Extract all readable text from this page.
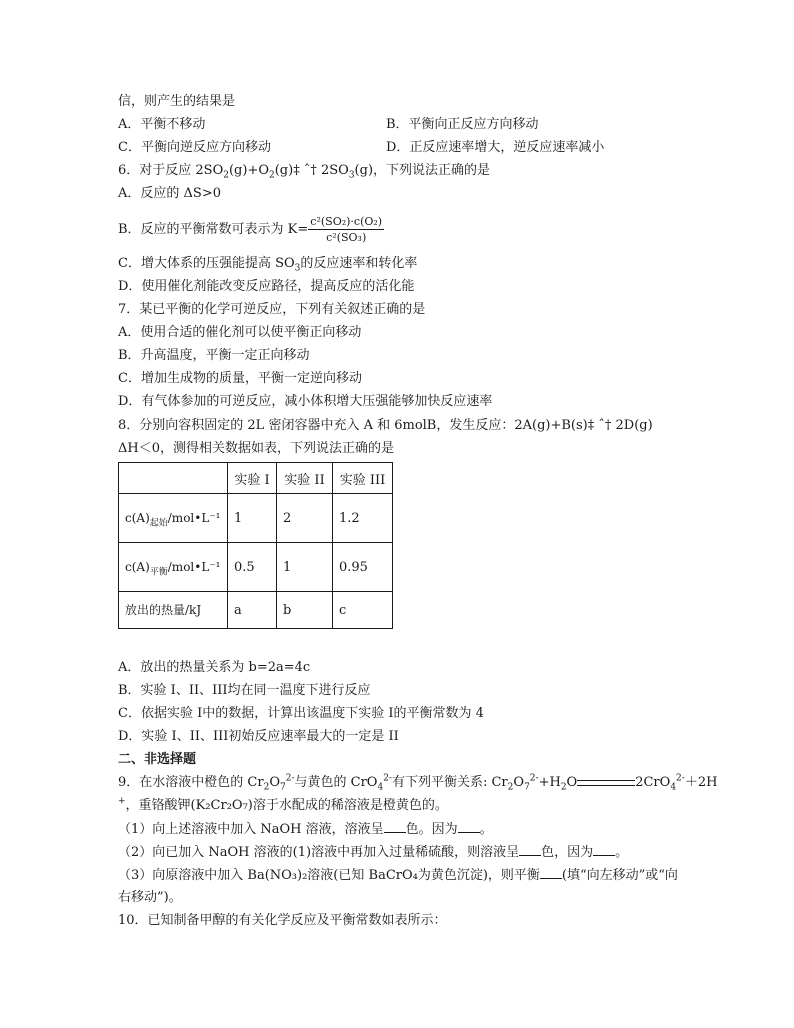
信，则产生的结果是
A．平衡不移动	B．平衡向正反应方向移动
C．平衡向逆反应方向移动	D．正反应速率增大，逆反应速率减小
6．对于反应 $2SO_2(g)+O_2(g)\ddagger$ ˆ† $2SO_3(g)$，下列说法正确的是
A．反应的 ΔS>0
B．反应的平衡常数可表示为 $K= \frac{\text{c²(SO₂)·c(O₂)}}{\text{c²(SO₃)}}$
C．增大体系的压强能提高 $SO_3$的反应速率和转化率
D．使用催化剂能改变反应路径，提高反应的活化能
7．某已平衡的化学可逆反应，下列有关叙述正确的是
A．使用合适的催化剂可以使平衡正向移动
B．升高温度，平衡一定正向移动
C．增加生成物的质量，平衡一定逆向移动
D．有气体参加的可逆反应，减小体积增大压强能够加快反应速率
8．分别向容积固定的 2L 密闭容器中充入 A 和 6molB，发生反应：2A(g)+B(s)‡ ˆ† 2D(g)
ΔH＜0，测得相关数据如表，下列说法正确的是
	实验 I	实验 II	实验 III

$c(A)_{起始}/mol•L^{-1}$	1	2	1.2

$c(A)_{平衡}/mol•L^{-1}$	0.5	1	0.95

放出的热量/kJ	a	b	c
A．放出的热量关系为 b=2a=4c
B．实验 I、II、III均在同一温度下进行反应
C．依据实验 I中的数据，计算出该温度下实验 I的平衡常数为 4
D．实验 I、II、III初始反应速率最大的一定是 II
二、非选择题
9．在水溶液中橙色的 $Cr_2O_7^{2-}$与黄色的 CrO$_4^{2-}$有下列平衡关系: $Cr_2O_7^{2-}+H_2O$	2CrO$_4^{2-}$＋2H
+，重铬酸钾(K₂Cr₂O₇)溶于水配成的稀溶液是橙黄色的。
（1）向上述溶液中加入 NaOH 溶液，溶液呈 色。因为 。
（2）向已加入 NaOH 溶液的(1)溶液中再加入过量稀硫酸，则溶液呈 色，因为 。
（3）向原溶液中加入 Ba(NO₃)₂溶液(已知 BaCrO₄为黄色沉淀)，则平衡 (填“向左移动”或“向
右移动”)。
10．已知制备甲醇的有关化学反应及平衡常数如表所示：
